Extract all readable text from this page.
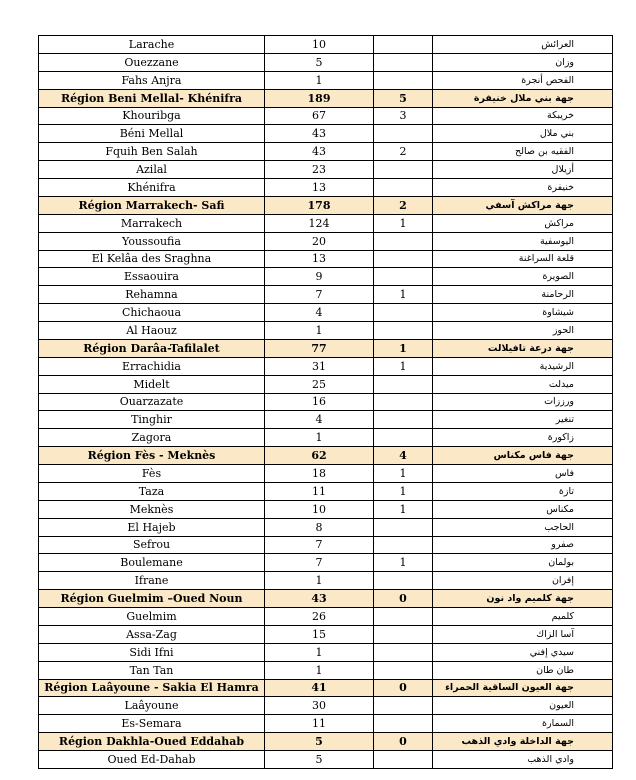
Larache	10		العرائش
Ouezzane	5		وزان
Fahs Anjra	1		الفحص أنجرة
Région Beni Mellal- Khénifra	189	5	جهة بني ملال خنيفرة
Khouribga	67	3	خريبكة
Béni Mellal	43		بني ملال
Fquih Ben Salah	43	2	الفقيه بن صالح
Azilal	23		أزيلال
Khénifra	13		خنيفرة
Région Marrakech- Safi	178	2	جهة مراكش آسفي
Marrakech	124	1	مراكش
Youssoufia	20		اليوسفية
El Kelâa des Sraghna	13		قلعة السراغنة
Essaouira	9		الصويرة
Rehamna	7	1	الرحامنة
Chichaoua	4		شيشاوة
Al Haouz	1		الحوز
Région Darâa-Tafilalet	77	1	جهة درعة تافيلالت
Errachidia	31	1	الرشيدية
Midelt	25		ميدلت
Ouarzazate	16		ورززات
Tinghir	4		تنغير
Zagora	1		زاكورة
Région Fès - Meknès	62	4	جهة فاس مكناس
Fès	18	1	فاس
Taza	11	1	تازة
Meknès	10	1	مكناس
El Hajeb	8		الحاجب
Sefrou	7		صفرو
Boulemane	7	1	بولمان
Ifrane	1		إفران
Région Guelmim –Oued Noun	43	0	جهة كلميم واد نون
Guelmim	26		كلميم
Assa-Zag	15		آسا الزاك
Sidi Ifni	1		سيدي إفني
Tan Tan	1		طان طان
Région Laâyoune - Sakia El Hamra	41	0	جهة العيون الساقية الحمراء
Laâyoune	30		العيون
Es-Semara	11		السمارة
Région Dakhla-Oued Eddahab	5	0	جهة الداخلة وادي الذهب
Oued Ed-Dahab	5		وادي الذهب
